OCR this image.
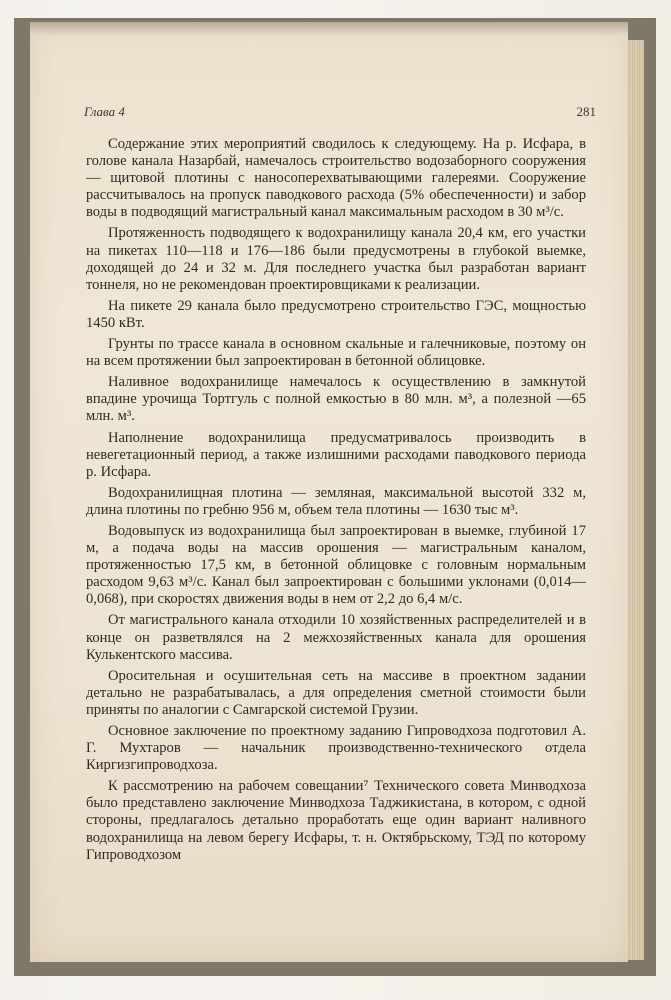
Глава 4	281

Содержание этих мероприятий сводилось к следующему. На р. Исфара, в голове канала Назарбай, намечалось строительство водозаборного сооружения — щитовой плотины с наносоперехватывающими галереями. Сооружение рассчитывалось на пропуск паводкового расхода (5% обеспеченности) и забор воды в подводящий магистральный канал максимальным расходом в 30 м³/с.

Протяженность подводящего к водохранилищу канала 20,4 км, его участки на пикетах 110—118 и 176—186 были предусмотрены в глубокой выемке, доходящей до 24 и 32 м. Для последнего участка был разработан вариант тоннеля, но не рекомендован проектировщиками к реализации.

На пикете 29 канала было предусмотрено строительство ГЭС, мощностью 1450 кВт.

Грунты по трассе канала в основном скальные и галечниковые, поэтому он на всем протяжении был запроектирован в бетонной облицовке.

Наливное водохранилище намечалось к осуществлению в замкнутой впадине урочища Тортгуль с полной емкостью в 80 млн. м³, а полезной —65 млн. м³.

Наполнение водохранилища предусматривалось производить в невегетационный период, а также излишними расходами паводкового периода р. Исфара.

Водохранилищная плотина — земляная, максимальной высотой 332 м, длина плотины по гребню 956 м, объем тела плотины — 1630 тыс м³.

Водовыпуск из водохранилища был запроектирован в выемке, глубиной 17 м, а подача воды на массив орошения — магистральным каналом, протяженностью 17,5 км, в бетонной облицовке с головным нормальным расходом 9,63 м³/с. Канал был запроектирован с большими уклонами (0,014—0,068), при скоростях движения воды в нем от 2,2 до 6,4 м/с.

От магистрального канала отходили 10 хозяйственных распределителей и в конце он разветвлялся на 2 межхозяйственных канала для орошения Кулькентского массива.

Оросительная и осушительная сеть на массиве в проектном задании детально не разрабатывалась, а для определения сметной стоимости были приняты по аналогии с Самгарской системой Грузии.

Основное заключение по проектному заданию Гипроводхоза подготовил А. Г. Мухтаров — начальник производственно-технического отдела Киргизгипроводхоза.

К рассмотрению на рабочем совещании⁷ Технического совета Минводхоза было представлено заключение Минводхоза Таджикистана, в котором, с одной стороны, предлагалось детально проработать еще один вариант наливного водохранилища на левом берегу Исфары, т. н. Октябрьскому, ТЭД по которому Гипроводхозом
